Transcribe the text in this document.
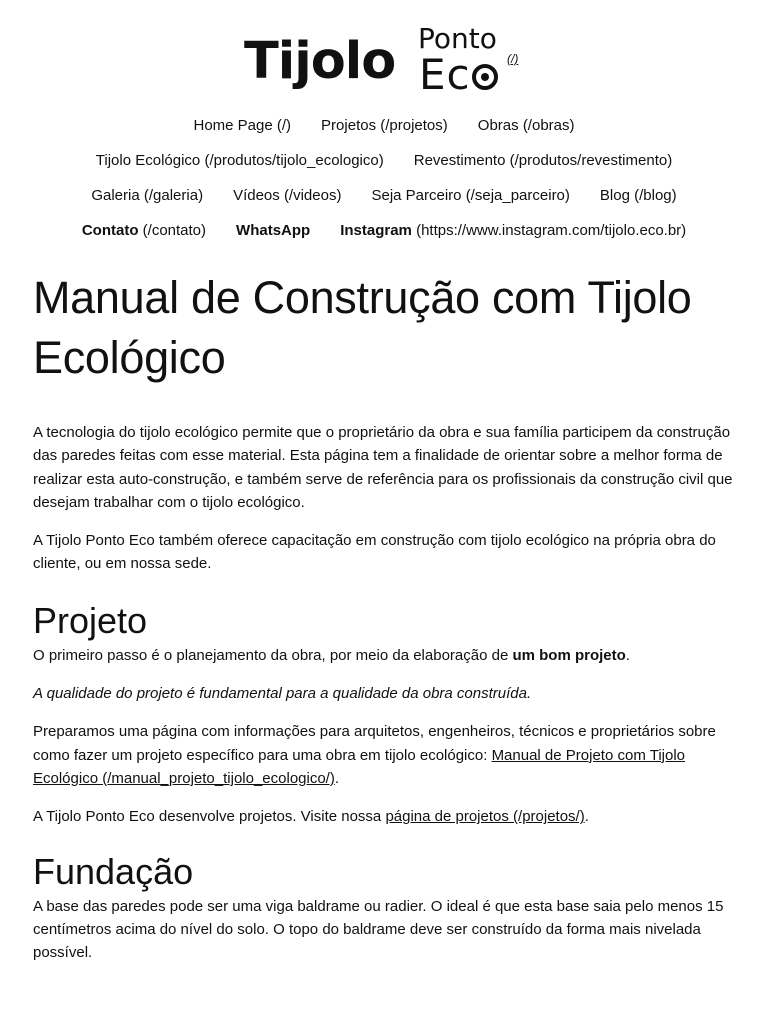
Tijolo Ponto
Ec	(/)
Home Page (/) Projetos (/projetos) Obras (/obras)
Tijolo Ecológico (/produtos/tijolo_ecologico) Revestimento (/produtos/revestimento)
Galeria (/galeria) Vídeos (/videos) Seja Parceiro (/seja_parceiro) Blog (/blog)
Contato (/contato) WhatsApp Instagram (https://www.instagram.com/tijolo.eco.br)
Manual de Construção com Tijolo Ecológico

A tecnologia do tijolo ecológico permite que o proprietário da obra e sua família participem da construção das paredes feitas com esse material. Esta página tem a finalidade de orientar sobre a melhor forma de realizar esta auto-construção, e também serve de referência para os profissionais da construção civil que desejam trabalhar com o tijolo ecológico.

A Tijolo Ponto Eco também oferece capacitação em construção com tijolo ecológico na própria obra do cliente, ou em nossa sede.

Projeto

O primeiro passo é o planejamento da obra, por meio da elaboração de um bom projeto.

A qualidade do projeto é fundamental para a qualidade da obra construída.

Preparamos uma página com informações para arquitetos, engenheiros, técnicos e proprietários sobre como fazer um projeto específico para uma obra em tijolo ecológico: Manual de Projeto com Tijolo Ecológico (/manual_projeto_tijolo_ecologico/).

A Tijolo Ponto Eco desenvolve projetos. Visite nossa página de projetos (/projetos/).

Fundação

A base das paredes pode ser uma viga baldrame ou radier. O ideal é que esta base saia pelo menos 15 centímetros acima do nível do solo. O topo do baldrame deve ser construído da forma mais nivelada possível.
